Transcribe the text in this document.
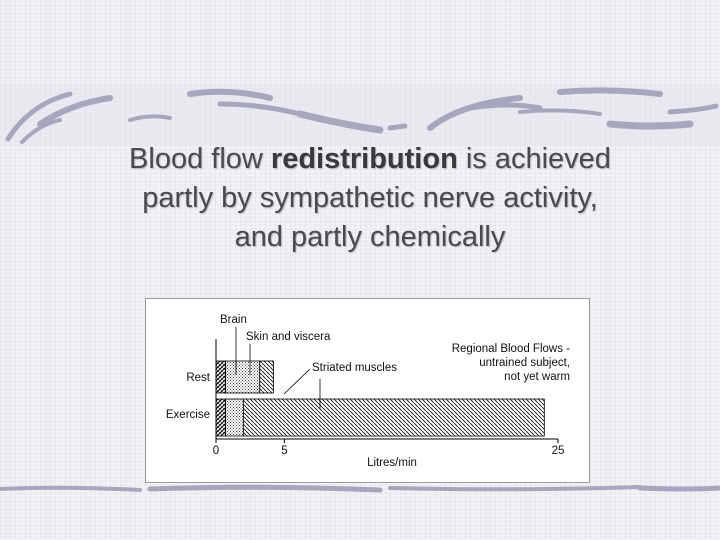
Blood flow redistribution is achieved
partly by sympathetic nerve activity,
and partly chemically
Rest
Exercise
0	5	25
Litres/min
Regional Blood Flows -
untrained subject,
not yet warm
Brain
Skin and viscera
Striated muscles
